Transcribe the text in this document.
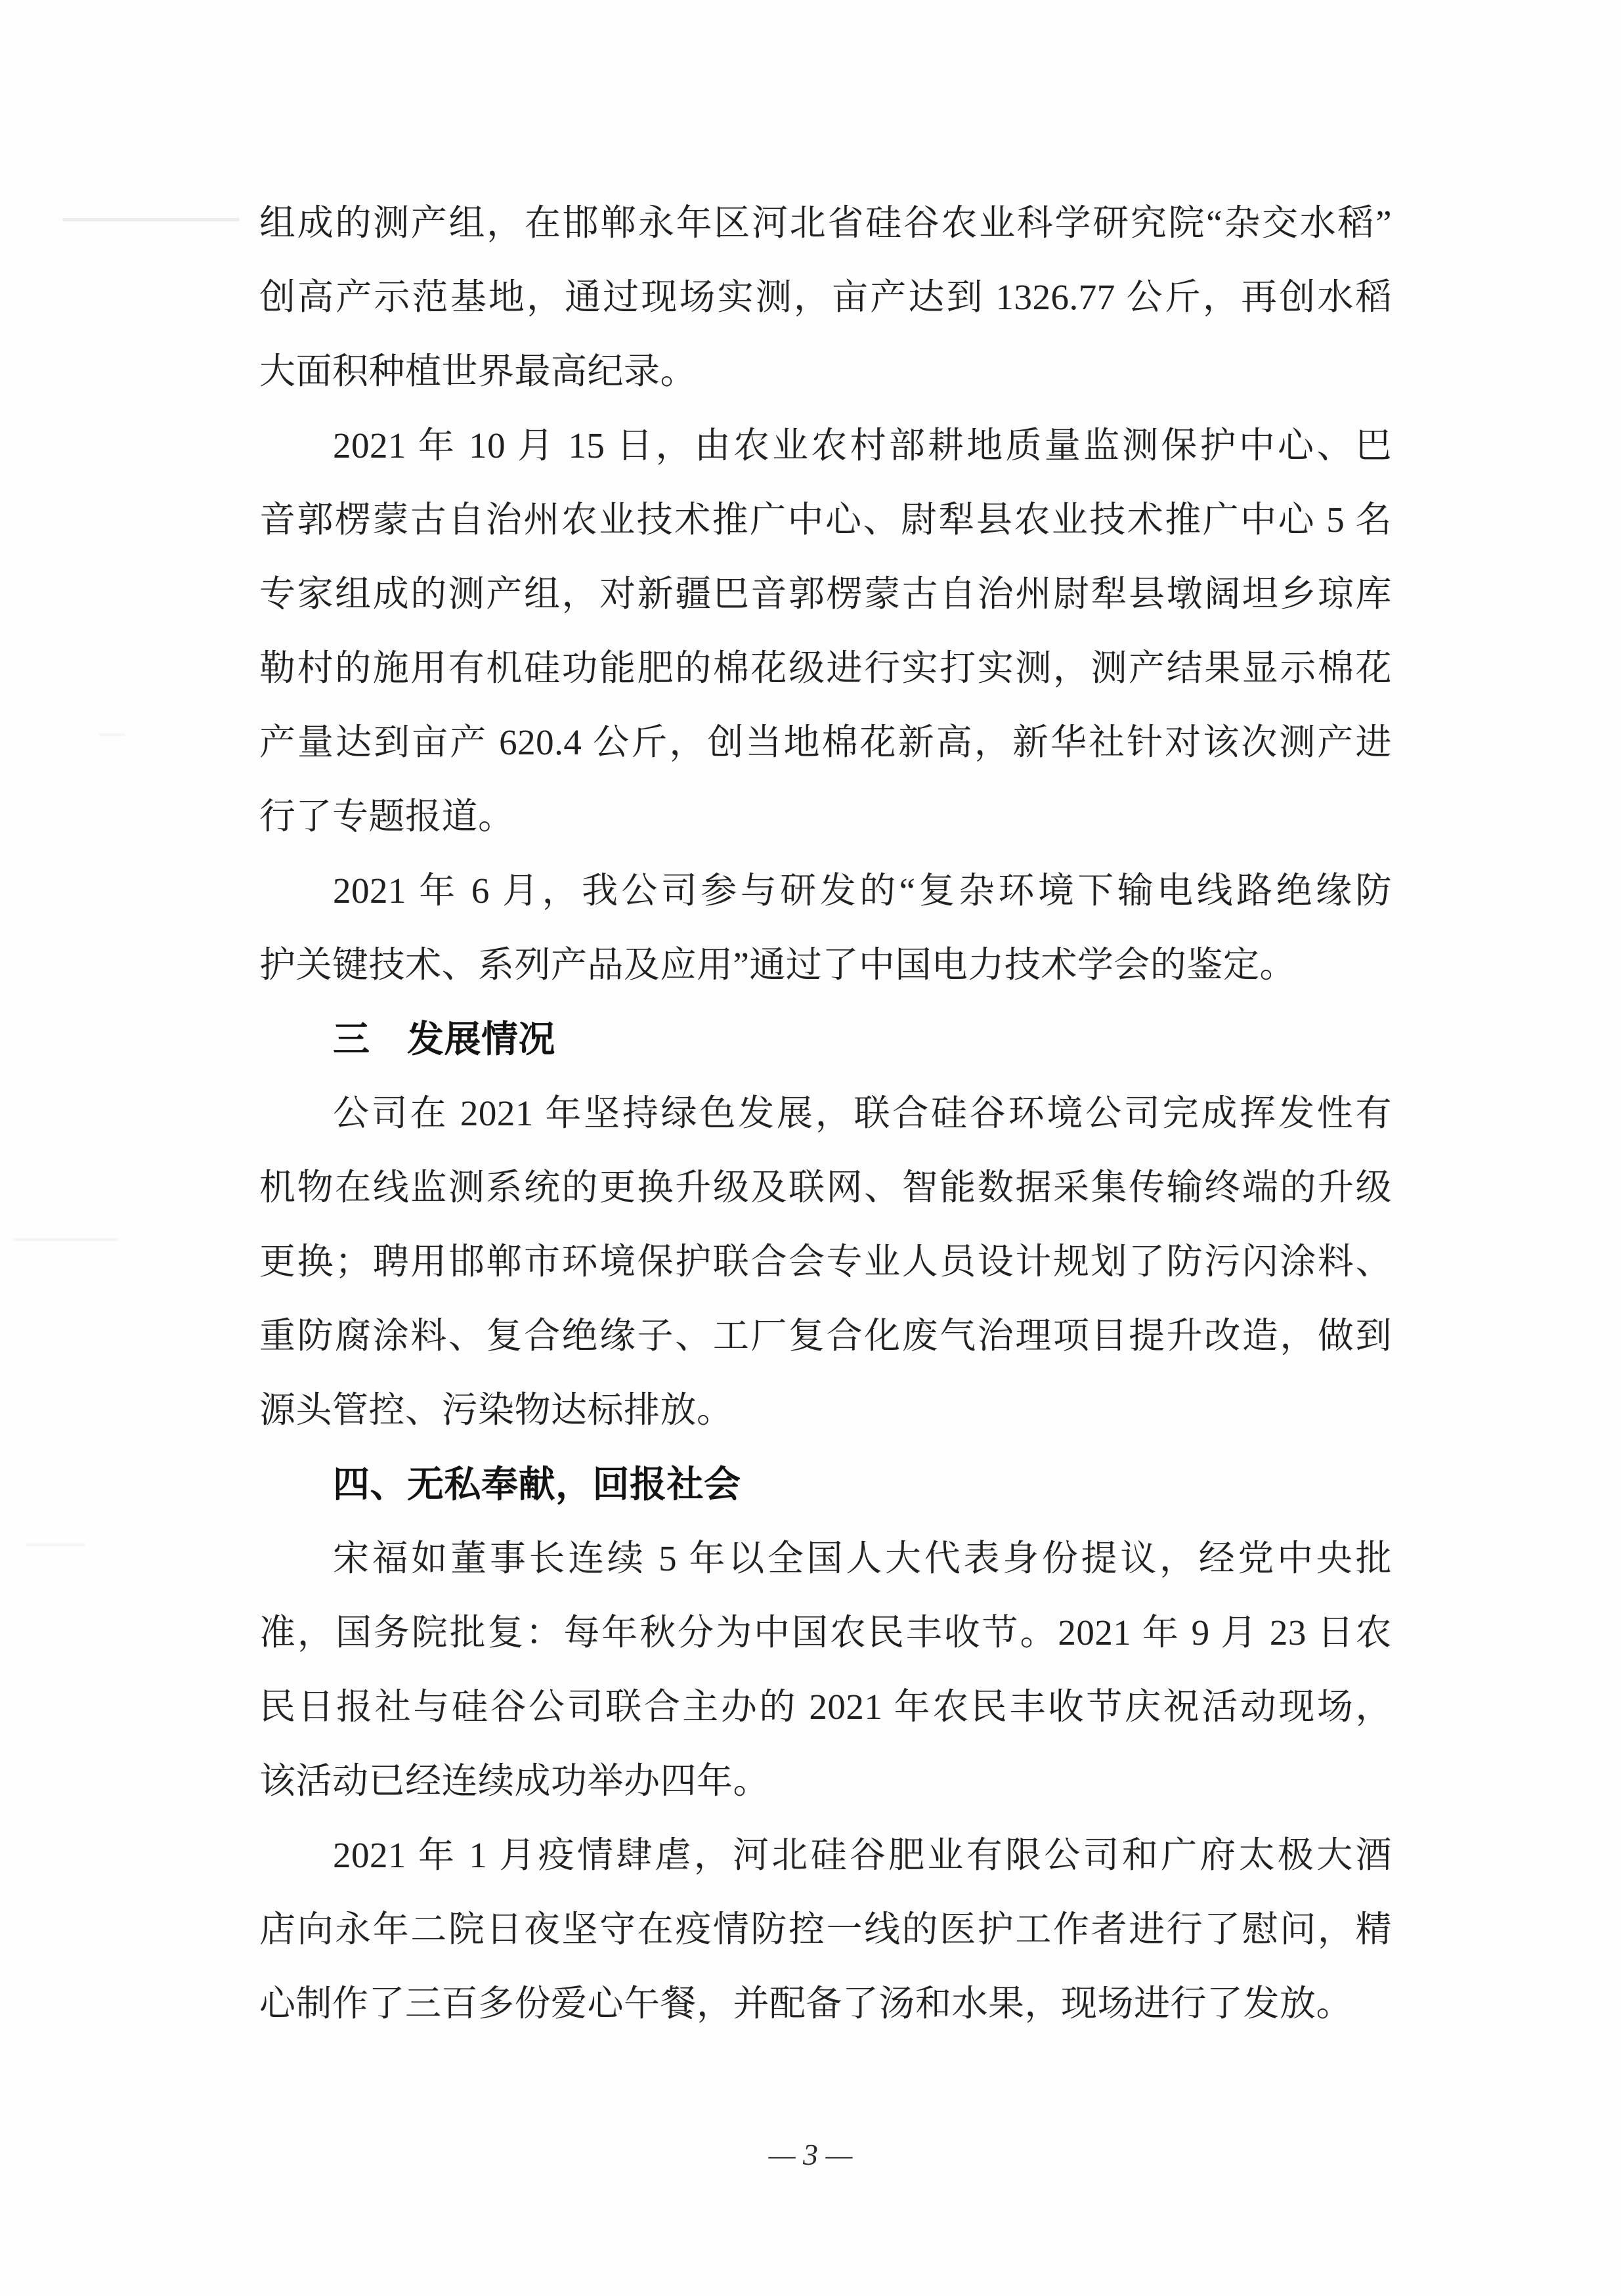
组成的测产组，在邯郸永年区河北省硅谷农业科学研究院“杂交水稻”
创高产示范基地，通过现场实测，亩产达到 1326.77 公斤，再创水稻
大面积种植世界最高纪录。
2021 年 10 月 15 日，由农业农村部耕地质量监测保护中心、巴
音郭楞蒙古自治州农业技术推广中心、尉犁县农业技术推广中心 5 名
专家组成的测产组，对新疆巴音郭楞蒙古自治州尉犁县墩阔坦乡琼库
勒村的施用有机硅功能肥的棉花级进行实打实测，测产结果显示棉花
产量达到亩产 620.4 公斤，创当地棉花新高，新华社针对该次测产进
行了专题报道。
2021 年 6 月，我公司参与研发的“复杂环境下输电线路绝缘防
护关键技术、系列产品及应用”通过了中国电力技术学会的鉴定。
三　发展情况
公司在 2021 年坚持绿色发展，联合硅谷环境公司完成挥发性有
机物在线监测系统的更换升级及联网、智能数据采集传输终端的升级
更换；聘用邯郸市环境保护联合会专业人员设计规划了防污闪涂料、
重防腐涂料、复合绝缘子、工厂复合化废气治理项目提升改造，做到
源头管控、污染物达标排放。
四、无私奉献，回报社会
宋福如董事长连续 5 年以全国人大代表身份提议，经党中央批
准，国务院批复：每年秋分为中国农民丰收节。2021 年 9 月 23 日农
民日报社与硅谷公司联合主办的 2021 年农民丰收节庆祝活动现场，
该活动已经连续成功举办四年。
2021 年 1 月疫情肆虐，河北硅谷肥业有限公司和广府太极大酒
店向永年二院日夜坚守在疫情防控一线的医护工作者进行了慰问，精
心制作了三百多份爱心午餐，并配备了汤和水果，现场进行了发放。
— 3 —
